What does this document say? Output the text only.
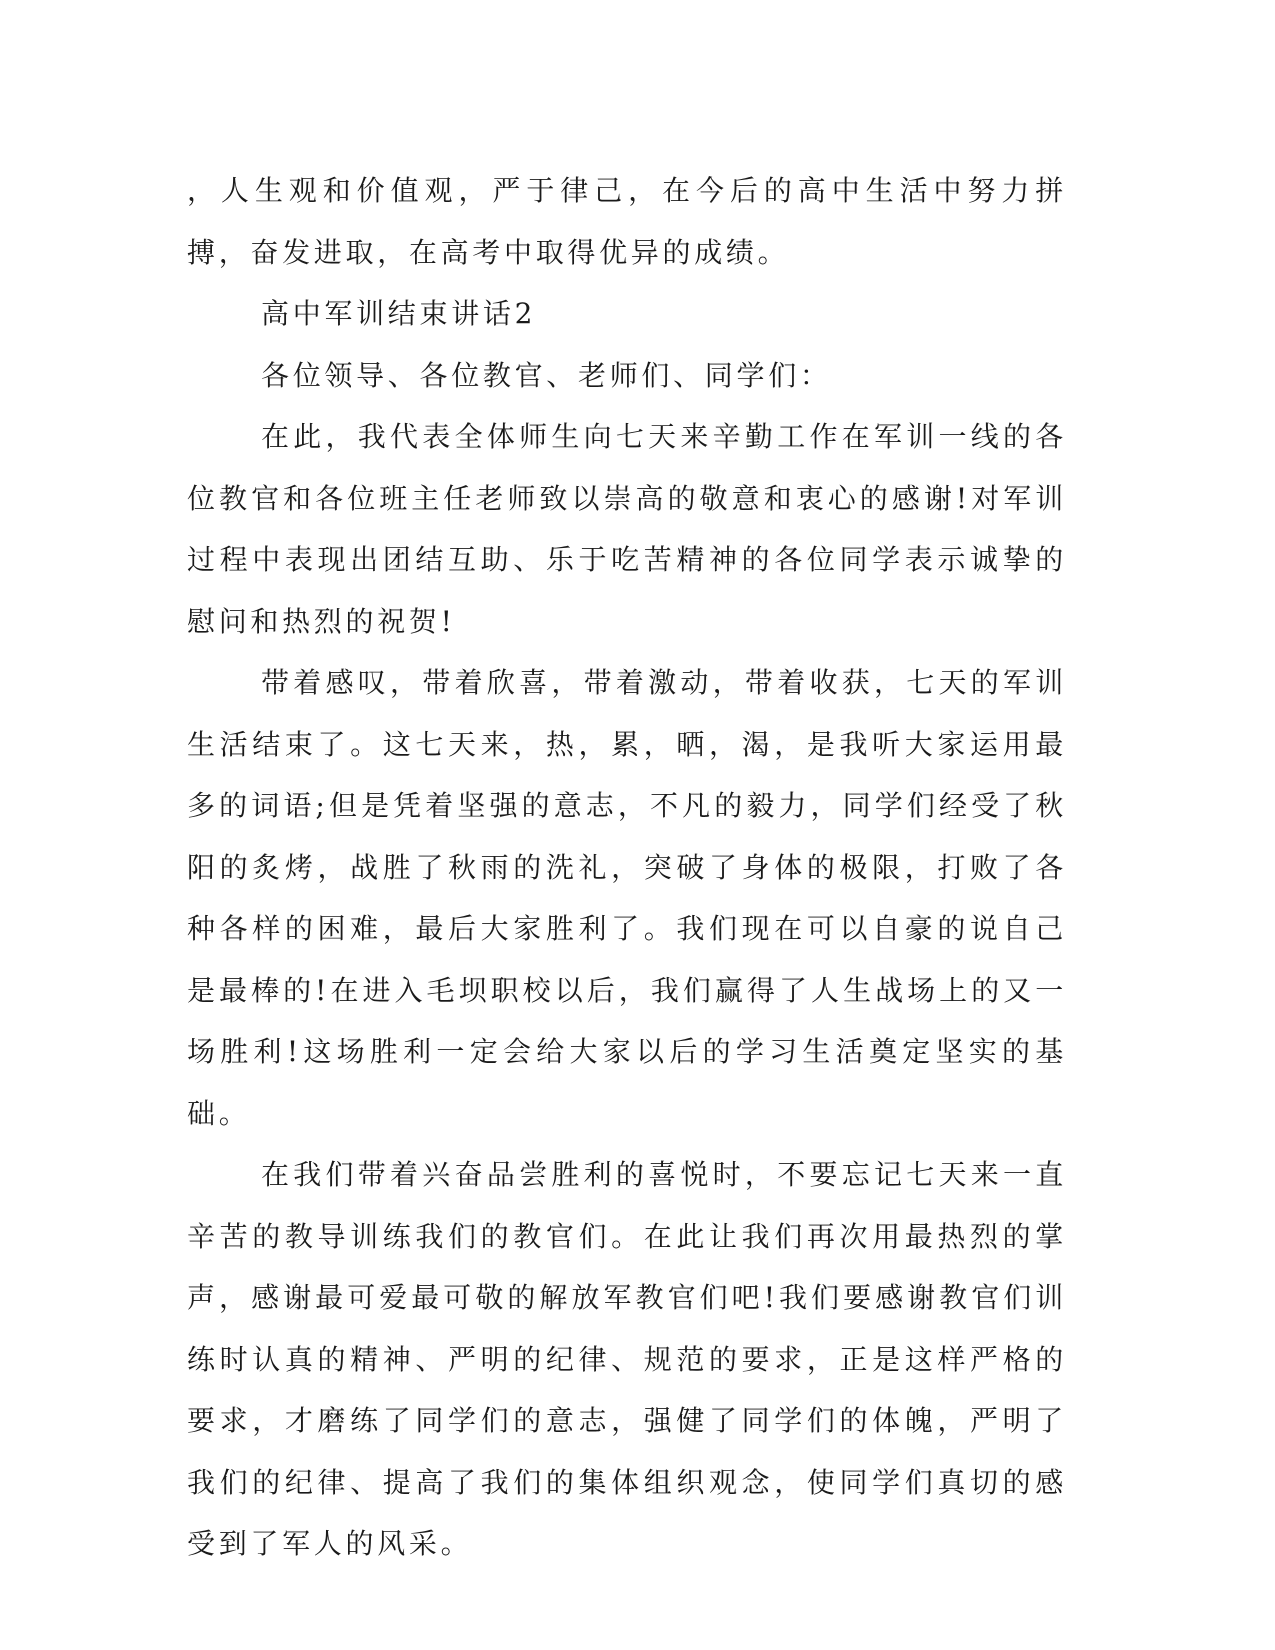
，人生观和价值观，严于律己，在今后的高中生活中努力拼搏，奋发进取，在高考中取得优异的成绩。

高中军训结束讲话2

各位领导、各位教官、老师们、同学们：

在此，我代表全体师生向七天来辛勤工作在军训一线的各位教官和各位班主任老师致以崇高的敬意和衷心的感谢!对军训过程中表现出团结互助、乐于吃苦精神的各位同学表示诚挚的慰问和热烈的祝贺!

带着感叹，带着欣喜，带着激动，带着收获，七天的军训生活结束了。这七天来，热，累，晒，渴，是我听大家运用最多的词语;但是凭着坚强的意志，不凡的毅力，同学们经受了秋阳的炙烤，战胜了秋雨的洗礼，突破了身体的极限，打败了各种各样的困难，最后大家胜利了。我们现在可以自豪的说自己是最棒的!在进入毛坝职校以后，我们赢得了人生战场上的又一场胜利!这场胜利一定会给大家以后的学习生活奠定坚实的基础。

在我们带着兴奋品尝胜利的喜悦时，不要忘记七天来一直辛苦的教导训练我们的教官们。在此让我们再次用最热烈的掌声，感谢最可爱最可敬的解放军教官们吧!我们要感谢教官们训练时认真的精神、严明的纪律、规范的要求，正是这样严格的要求，才磨练了同学们的意志，强健了同学们的体魄，严明了我们的纪律、提高了我们的集体组织观念，使同学们真切的感受到了军人的风采。
